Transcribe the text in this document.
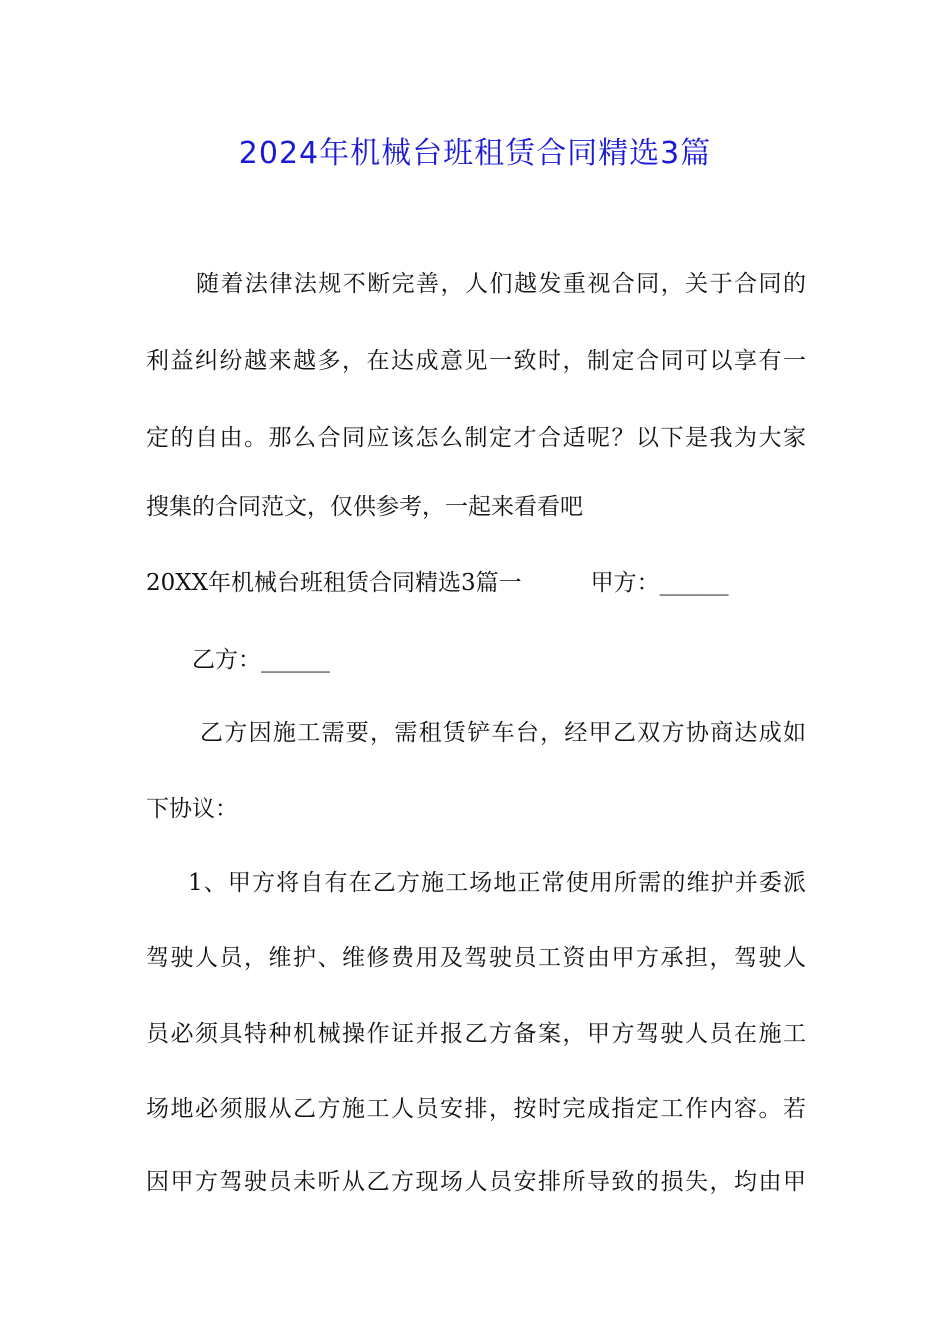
2024年机械台班租赁合同精选3篇
随着法律法规不断完善，人们越发重视合同，关于合同的
利益纠纷越来越多，在达成意见一致时，制定合同可以享有一
定的自由。那么合同应该怎么制定才合适呢？以下是我为大家
搜集的合同范文，仅供参考，一起来看看吧
20XX年机械台班租赁合同精选3篇一　　　甲方：______
乙方：______
乙方因施工需要，需租赁铲车台，经甲乙双方协商达成如
下协议：
1、甲方将自有在乙方施工场地正常使用所需的维护并委派
驾驶人员，维护、维修费用及驾驶员工资由甲方承担，驾驶人
员必须具特种机械操作证并报乙方备案，甲方驾驶人员在施工
场地必须服从乙方施工人员安排，按时完成指定工作内容。若
因甲方驾驶员未听从乙方现场人员安排所导致的损失，均由甲
